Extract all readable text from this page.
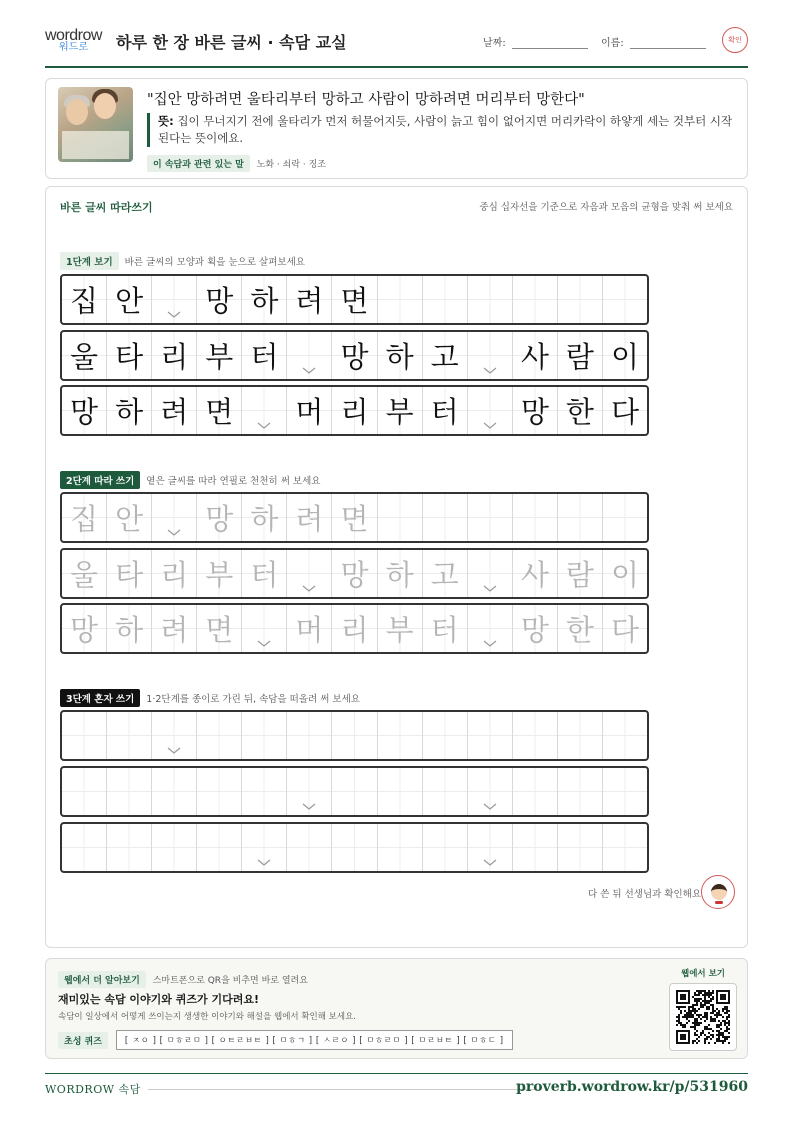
wordrow
워드로 하루 한 장 바른 글씨 · 속담 교실	날짜:	이름:	확인
"집안 망하려면 울타리부터 망하고 사람이 망하려면 머리부터 망한다"
뜻: 집이 무너지기 전에 울타리가 먼저 허물어지듯, 사람이 늙고 힘이 없어지면 머리카락이 하얗게 세는 것부터 시작된다는 뜻이에요.
이 속담과 관련 있는 말 노화 · 쇠락 · 징조
바른 글씨 따라쓰기	중심 십자선을 기준으로 자음과 모음의 균형을 맞춰 써 보세요
1단계 보기 바른 글씨의 모양과 획을 눈으로 살펴보세요
2단계 따라 쓰기 옅은 글씨를 따라 연필로 천천히 써 보세요
3단계 혼자 쓰기 1·2단계를 종이로 가린 뒤, 속담을 떠올려 써 보세요
집 안 망 하 려 면
울 타 리 부 터 망 하 고 사 람 이
망 하 려 면 머 리 부 터 망 한 다
집 안 망 하 려 면
울 타 리 부 터 망 하 고 사 람 이
망 하 려 면 머 리 부 터 망 한 다
다 쓴 뒤 선생님과 확인해요
웹에서 더 알아보기 스마트폰으로 QR을 비추면 바로 열려요
재미있는 속담 이야기와 퀴즈가 기다려요!
속담이 일상에서 어떻게 쓰이는지 생생한 이야기와 해설을 웹에서 확인해 보세요.
초성 퀴즈	[ ㅈㅇ ] [ ㅁㅎㄹㅁ ] [ ㅇㅌㄹㅂㅌ ] [ ㅁㅎㄱ ] [ ㅅㄹㅇ ] [ ㅁㅎㄹㅁ ] [ ㅁㄹㅂㅌ ] [ ㅁㅎㄷ ]
웹에서 보기
WORDROW 속담	proverb.wordrow.kr/p/531960
